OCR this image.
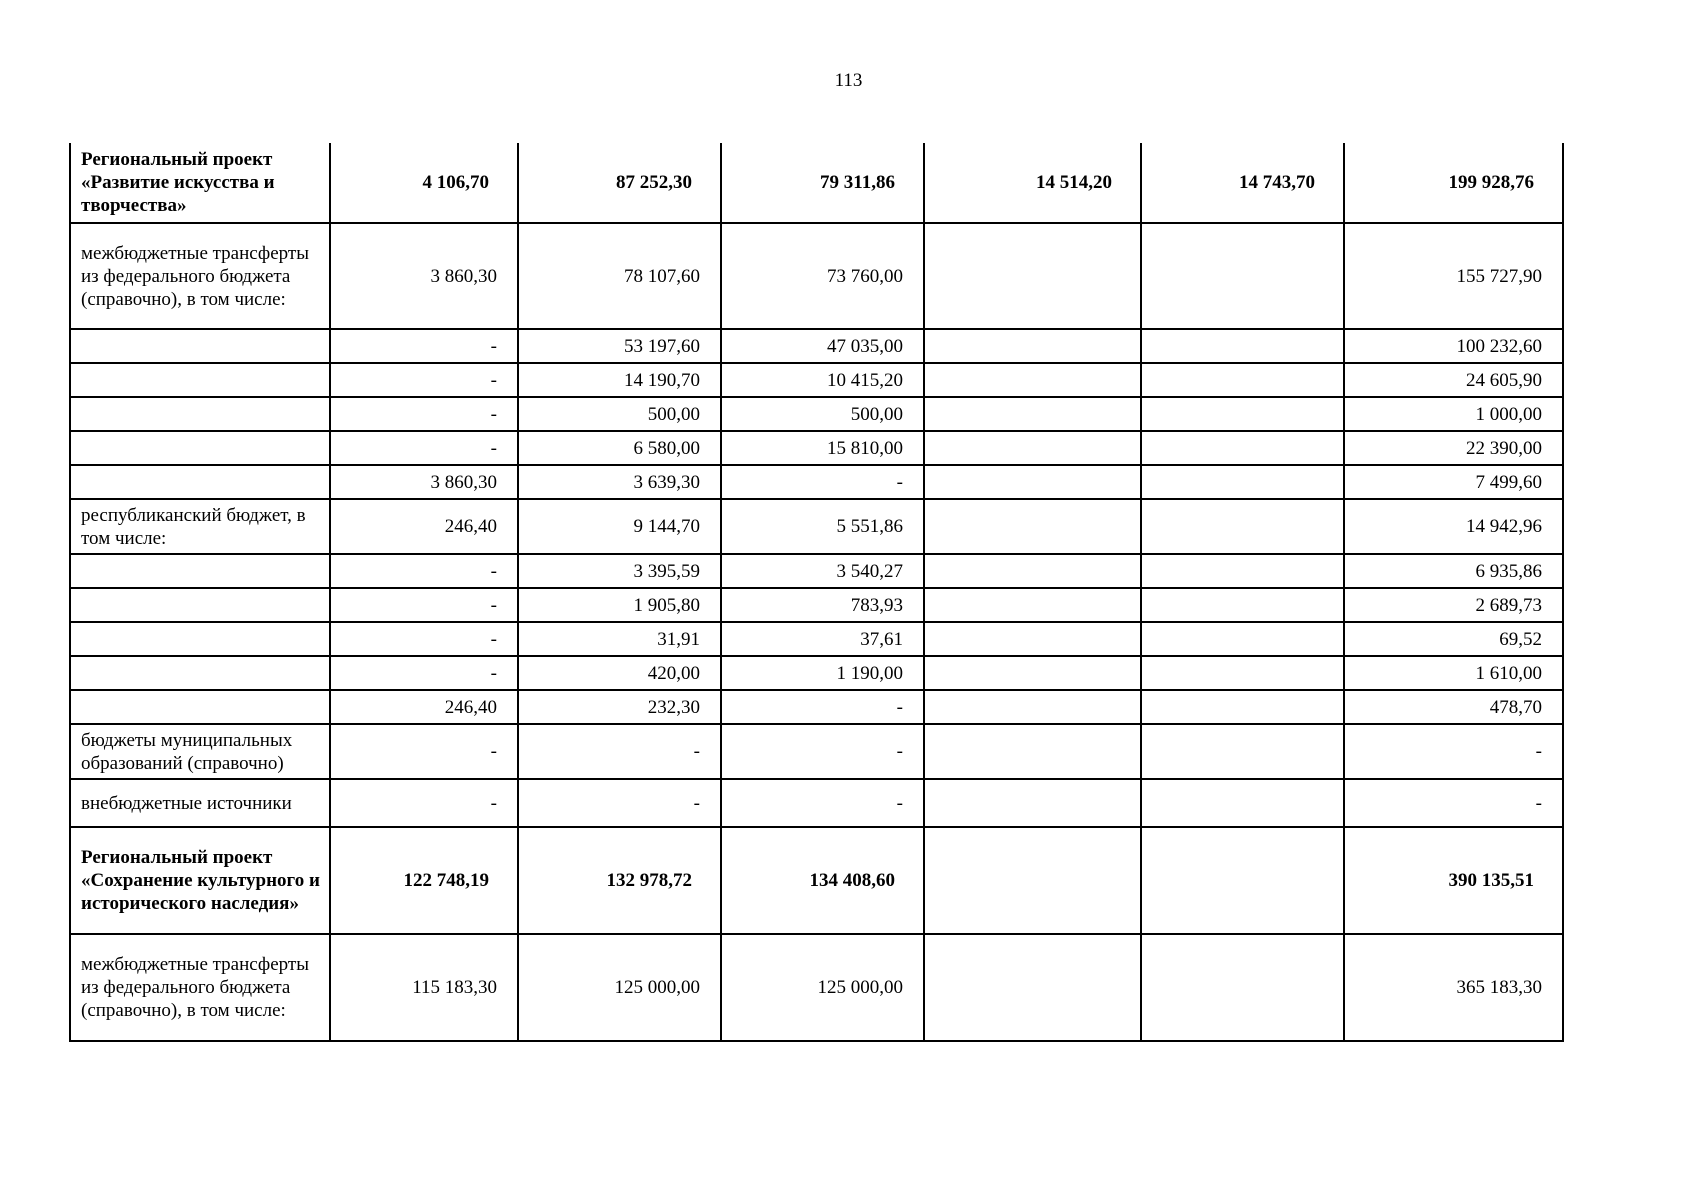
113
Региональный проект «Развитие искусства и творчества»	4 106,70	87 252,30	79 311,86	14 514,20	14 743,70	199 928,76
межбюджетные трансферты из федерального бюджета (справочно), в том числе:	3 860,30	78 107,60	73 760,00			155 727,90
	-	53 197,60	47 035,00			100 232,60
	-	14 190,70	10 415,20			24 605,90
	-	500,00	500,00			1 000,00
	-	6 580,00	15 810,00			22 390,00
	3 860,30	3 639,30	-			7 499,60
республиканский бюджет, в том числе:	246,40	9 144,70	5 551,86			14 942,96
	-	3 395,59	3 540,27			6 935,86
	-	1 905,80	783,93			2 689,73
	-	31,91	37,61			69,52
	-	420,00	1 190,00			1 610,00
	246,40	232,30	-			478,70
бюджеты муниципальных образований (справочно)	-	-	-			-
внебюджетные источники	-	-	-			-
Региональный проект «Сохранение культурного и исторического наследия»	122 748,19	132 978,72	134 408,60			390 135,51
межбюджетные трансферты из федерального бюджета (справочно), в том числе:	115 183,30	125 000,00	125 000,00			365 183,30
